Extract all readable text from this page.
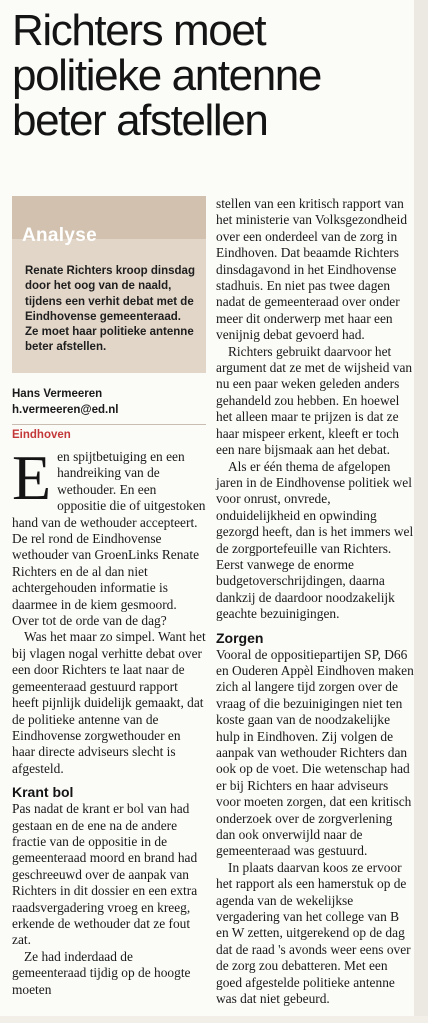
Richters moet
politieke antenne
beter afstellen
Analyse
Renate Richters kroop dinsdag door het oog van de naald, tijdens een verhit debat met de Eindhovense gemeenteraad. Ze moet haar politieke antenne beter afstellen.
Hans Vermeeren
h.vermeeren@ed.nl
Eindhoven

Een spijtbetuiging en een handreiking van de wethouder. En een oppositie die of uitgestoken hand van de wethouder accepteert. De rel rond de Eindhovense wethouder van GroenLinks Renate Richters en de al dan niet achtergehouden informatie is daarmee in de kiem gesmoord. Over tot de orde van de dag?

Was het maar zo simpel. Want het bij vlagen nogal verhitte debat over een door Richters te laat naar de gemeenteraad gestuurd rapport heeft pijnlijk duidelijk gemaakt, dat de politieke antenne van de Eindhovense zorgwethouder en haar directe adviseurs slecht is afgesteld.

Krant bol

Pas nadat de krant er bol van had gestaan en de ene na de andere fractie van de oppositie in de gemeenteraad moord en brand had geschreeuwd over de aanpak van Richters in dit dossier en een extra raadsvergadering vroeg en kreeg, erkende de wethouder dat ze fout zat.

Ze had inderdaad de gemeenteraad tijdig op de hoogte moeten

stellen van een kritisch rapport van het ministerie van Volksgezondheid over een onderdeel van de zorg in Eindhoven. Dat beaamde Richters dinsdagavond in het Eindhovense stadhuis. En niet pas twee dagen nadat de gemeenteraad over onder meer dit onderwerp met haar een venijnig debat gevoerd had.

Richters gebruikt daarvoor het argument dat ze met de wijsheid van nu een paar weken geleden anders gehandeld zou hebben. En hoewel het alleen maar te prijzen is dat ze haar mispeer erkent, kleeft er toch een nare bijsmaak aan het debat.

Als er één thema de afgelopen jaren in de Eindhovense politiek wel voor onrust, onvrede, onduidelijkheid en opwinding gezorgd heeft, dan is het immers wel de zorgportefeuille van Richters. Eerst vanwege de enorme budgetoverschrijdingen, daarna dankzij de daardoor noodzakelijk geachte bezuinigingen.

Zorgen

Vooral de oppositiepartijen SP, D66 en Ouderen Appèl Eindhoven maken zich al langere tijd zorgen over de vraag of die bezuinigingen niet ten koste gaan van de noodzakelijke hulp in Eindhoven. Zij volgen de aanpak van wethouder Richters dan ook op de voet. Die wetenschap had er bij Richters en haar adviseurs voor moeten zorgen, dat een kritisch onderzoek over de zorgverlening dan ook onverwijld naar de gemeenteraad was gestuurd.

In plaats daarvan koos ze ervoor het rapport als een hamerstuk op de agenda van de wekelijkse vergadering van het college van B en W zetten, uitgerekend op de dag dat de raad 's avonds weer eens over de zorg zou debatteren. Met een goed afgestelde politieke antenne was dat niet gebeurd.
